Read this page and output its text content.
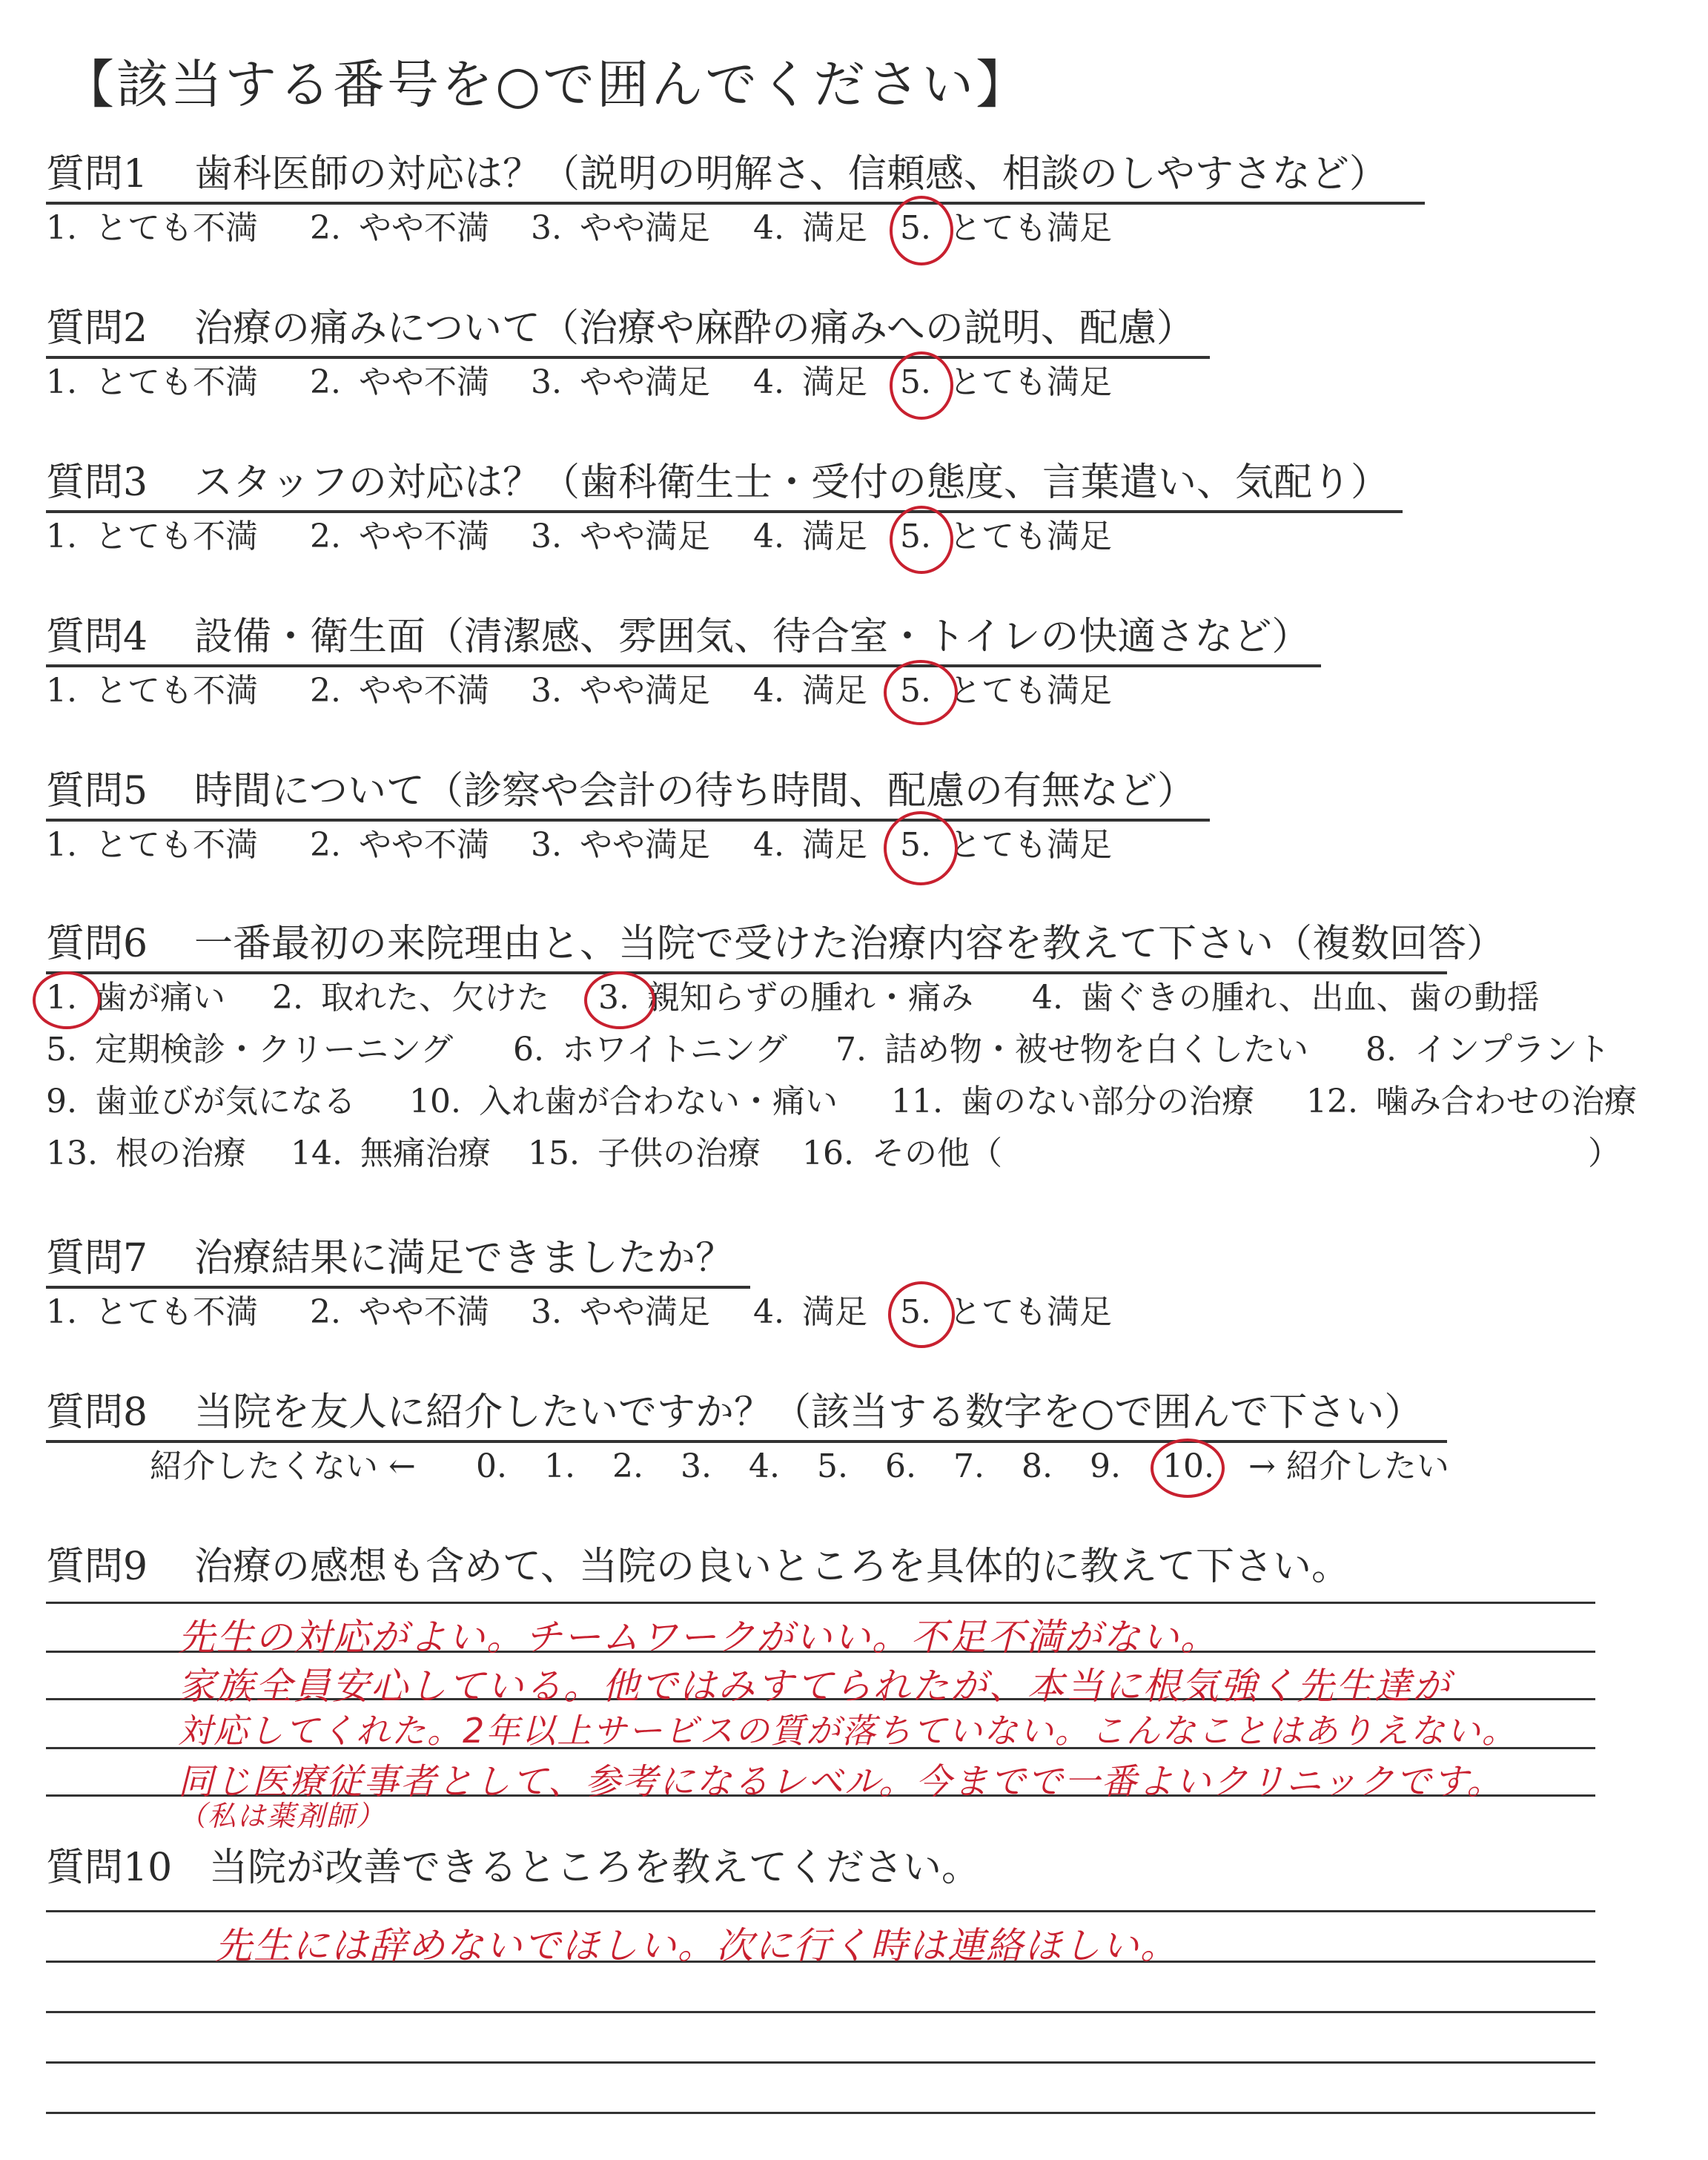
【該当する番号を○で囲んでください】
質問1 歯科医師の対応は？（説明の明解さ、信頼感、相談のしやすさなど）
1. とても不満 2. やや不満 3. やや満足 4. 満足 5. とても満足
質問2 治療の痛みについて（治療や麻酔の痛みへの説明、配慮）
1. とても不満 2. やや不満 3. やや満足 4. 満足 5. とても満足
質問3 スタッフの対応は？（歯科衛生士・受付の態度、言葉遣い、気配り）
1. とても不満 2. やや不満 3. やや満足 4. 満足 5. とても満足
質問4 設備・衛生面（清潔感、雰囲気、待合室・トイレの快適さなど）
1. とても不満 2. やや不満 3. やや満足 4. 満足 5. とても満足
質問5 時間について（診察や会計の待ち時間、配慮の有無など）
1. とても不満 2. やや不満 3. やや満足 4. 満足 5. とても満足
質問6 一番最初の来院理由と、当院で受けた治療内容を教えて下さい（複数回答）
1. 歯が痛い 2. 取れた、欠けた 3. 親知らずの腫れ・痛み 4. 歯ぐきの腫れ、出血、歯の動揺
5. 定期検診・クリーニング 6. ホワイトニング 7. 詰め物・被せ物を白くしたい 8. インプラント
9. 歯並びが気になる 10. 入れ歯が合わない・痛い 11. 歯のない部分の治療 12. 噛み合わせの治療
13. 根の治療 14. 無痛治療 15. 子供の治療 16. その他（	）
質問7 治療結果に満足できましたか？
1. とても不満 2. やや不満 3. やや満足 4. 満足 5. とても満足
質問8 当院を友人に紹介したいですか？（該当する数字を○で囲んで下さい）
紹介したくない ← 0. 1. 2. 3. 4. 5. 6. 7. 8. 9. 10. → 紹介したい
質問9 治療の感想も含めて、当院の良いところを具体的に教えて下さい。
先生の対応がよい。チームワークがいい。不足不満がない。
家族全員安心している。他ではみすてられたが、本当に根気強く先生達が
対応してくれた。2年以上サービスの質が落ちていない。こんなことはありえない。
同じ医療従事者として、参考になるレベル。今までで一番よいクリニックです。
（私は薬剤師）
質問10 当院が改善できるところを教えてください。
先生には辞めないでほしい。次に行く時は連絡ほしい。
